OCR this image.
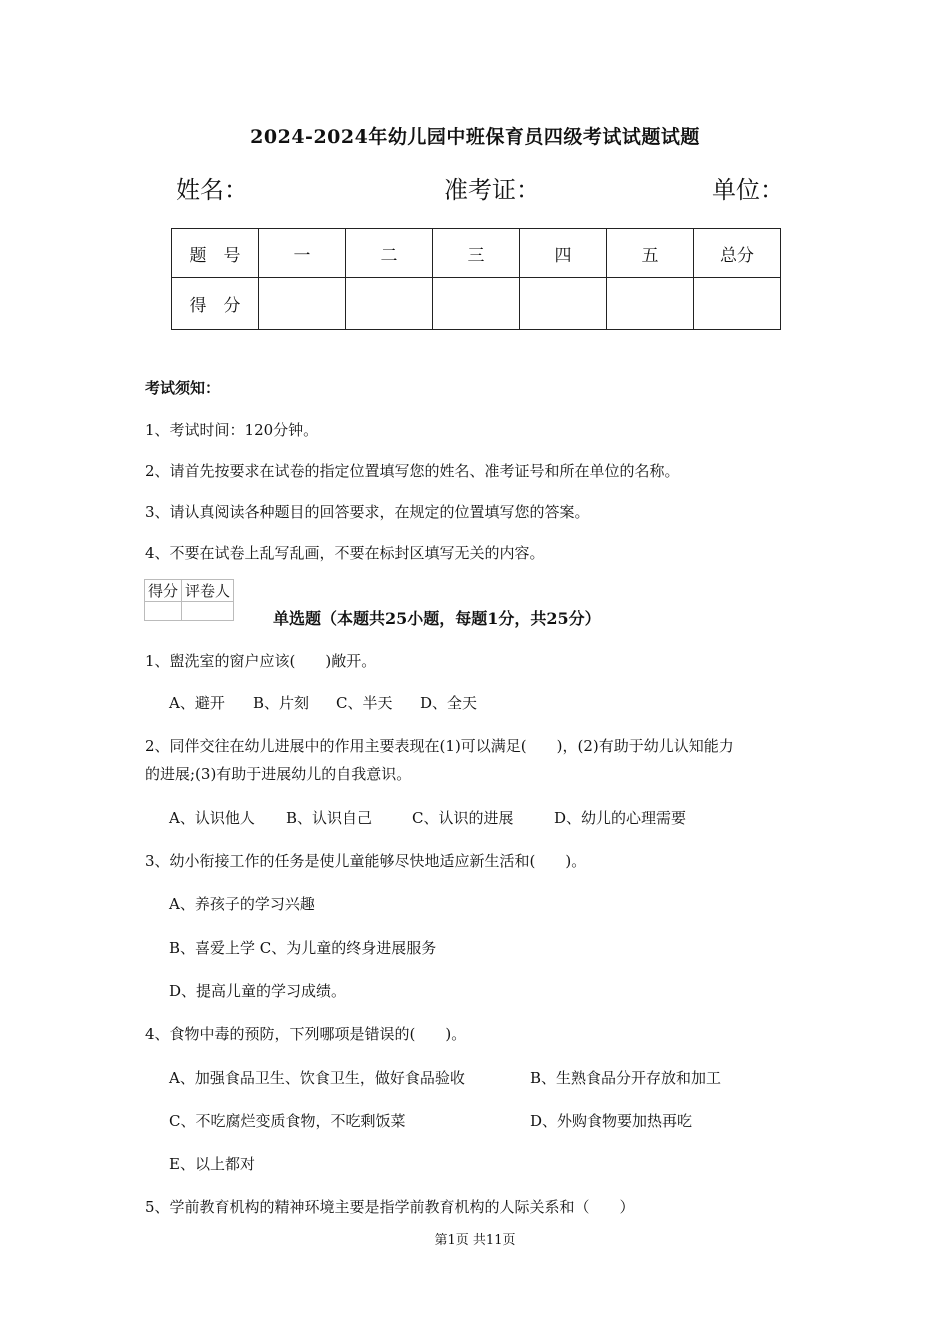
2024-2024年幼儿园中班保育员四级考试试题试题
姓名：	准考证：	单位：
题　号	一	二	三	四	五	总分
得　分						
考试须知：
1、考试时间：120分钟。
2、请首先按要求在试卷的指定位置填写您的姓名、准考证号和所在单位的名称。
3、请认真阅读各种题目的回答要求，在规定的位置填写您的答案。
4、不要在试卷上乱写乱画，不要在标封区填写无关的内容。
得分	评卷人

单选题（本题共25小题，每题1分，共25分）
1、盥洗室的窗户应该(　　)敞开。
A、避开 B、片刻 C、半天 D、全天
2、同伴交往在幼儿进展中的作用主要表现在(1)可以满足(　　)，(2)有助于幼儿认知能力
的进展;(3)有助于进展幼儿的自我意识。
A、认识他人 B、认识自己	C、认识的进展	D、幼儿的心理需要
3、幼小衔接工作的任务是使儿童能够尽快地适应新生活和(　　)。
A、养孩子的学习兴趣
B、喜爱上学 C、为儿童的终身进展服务
D、提高儿童的学习成绩。
4、食物中毒的预防，下列哪项是错误的(　　)。
A、加强食品卫生、饮食卫生，做好食品验收	B、生熟食品分开存放和加工
C、不吃腐烂变质食物，不吃剩饭菜	D、外购食物要加热再吃
E、以上都对
5、学前教育机构的精神环境主要是指学前教育机构的人际关系和（　　）
第1页 共11页
